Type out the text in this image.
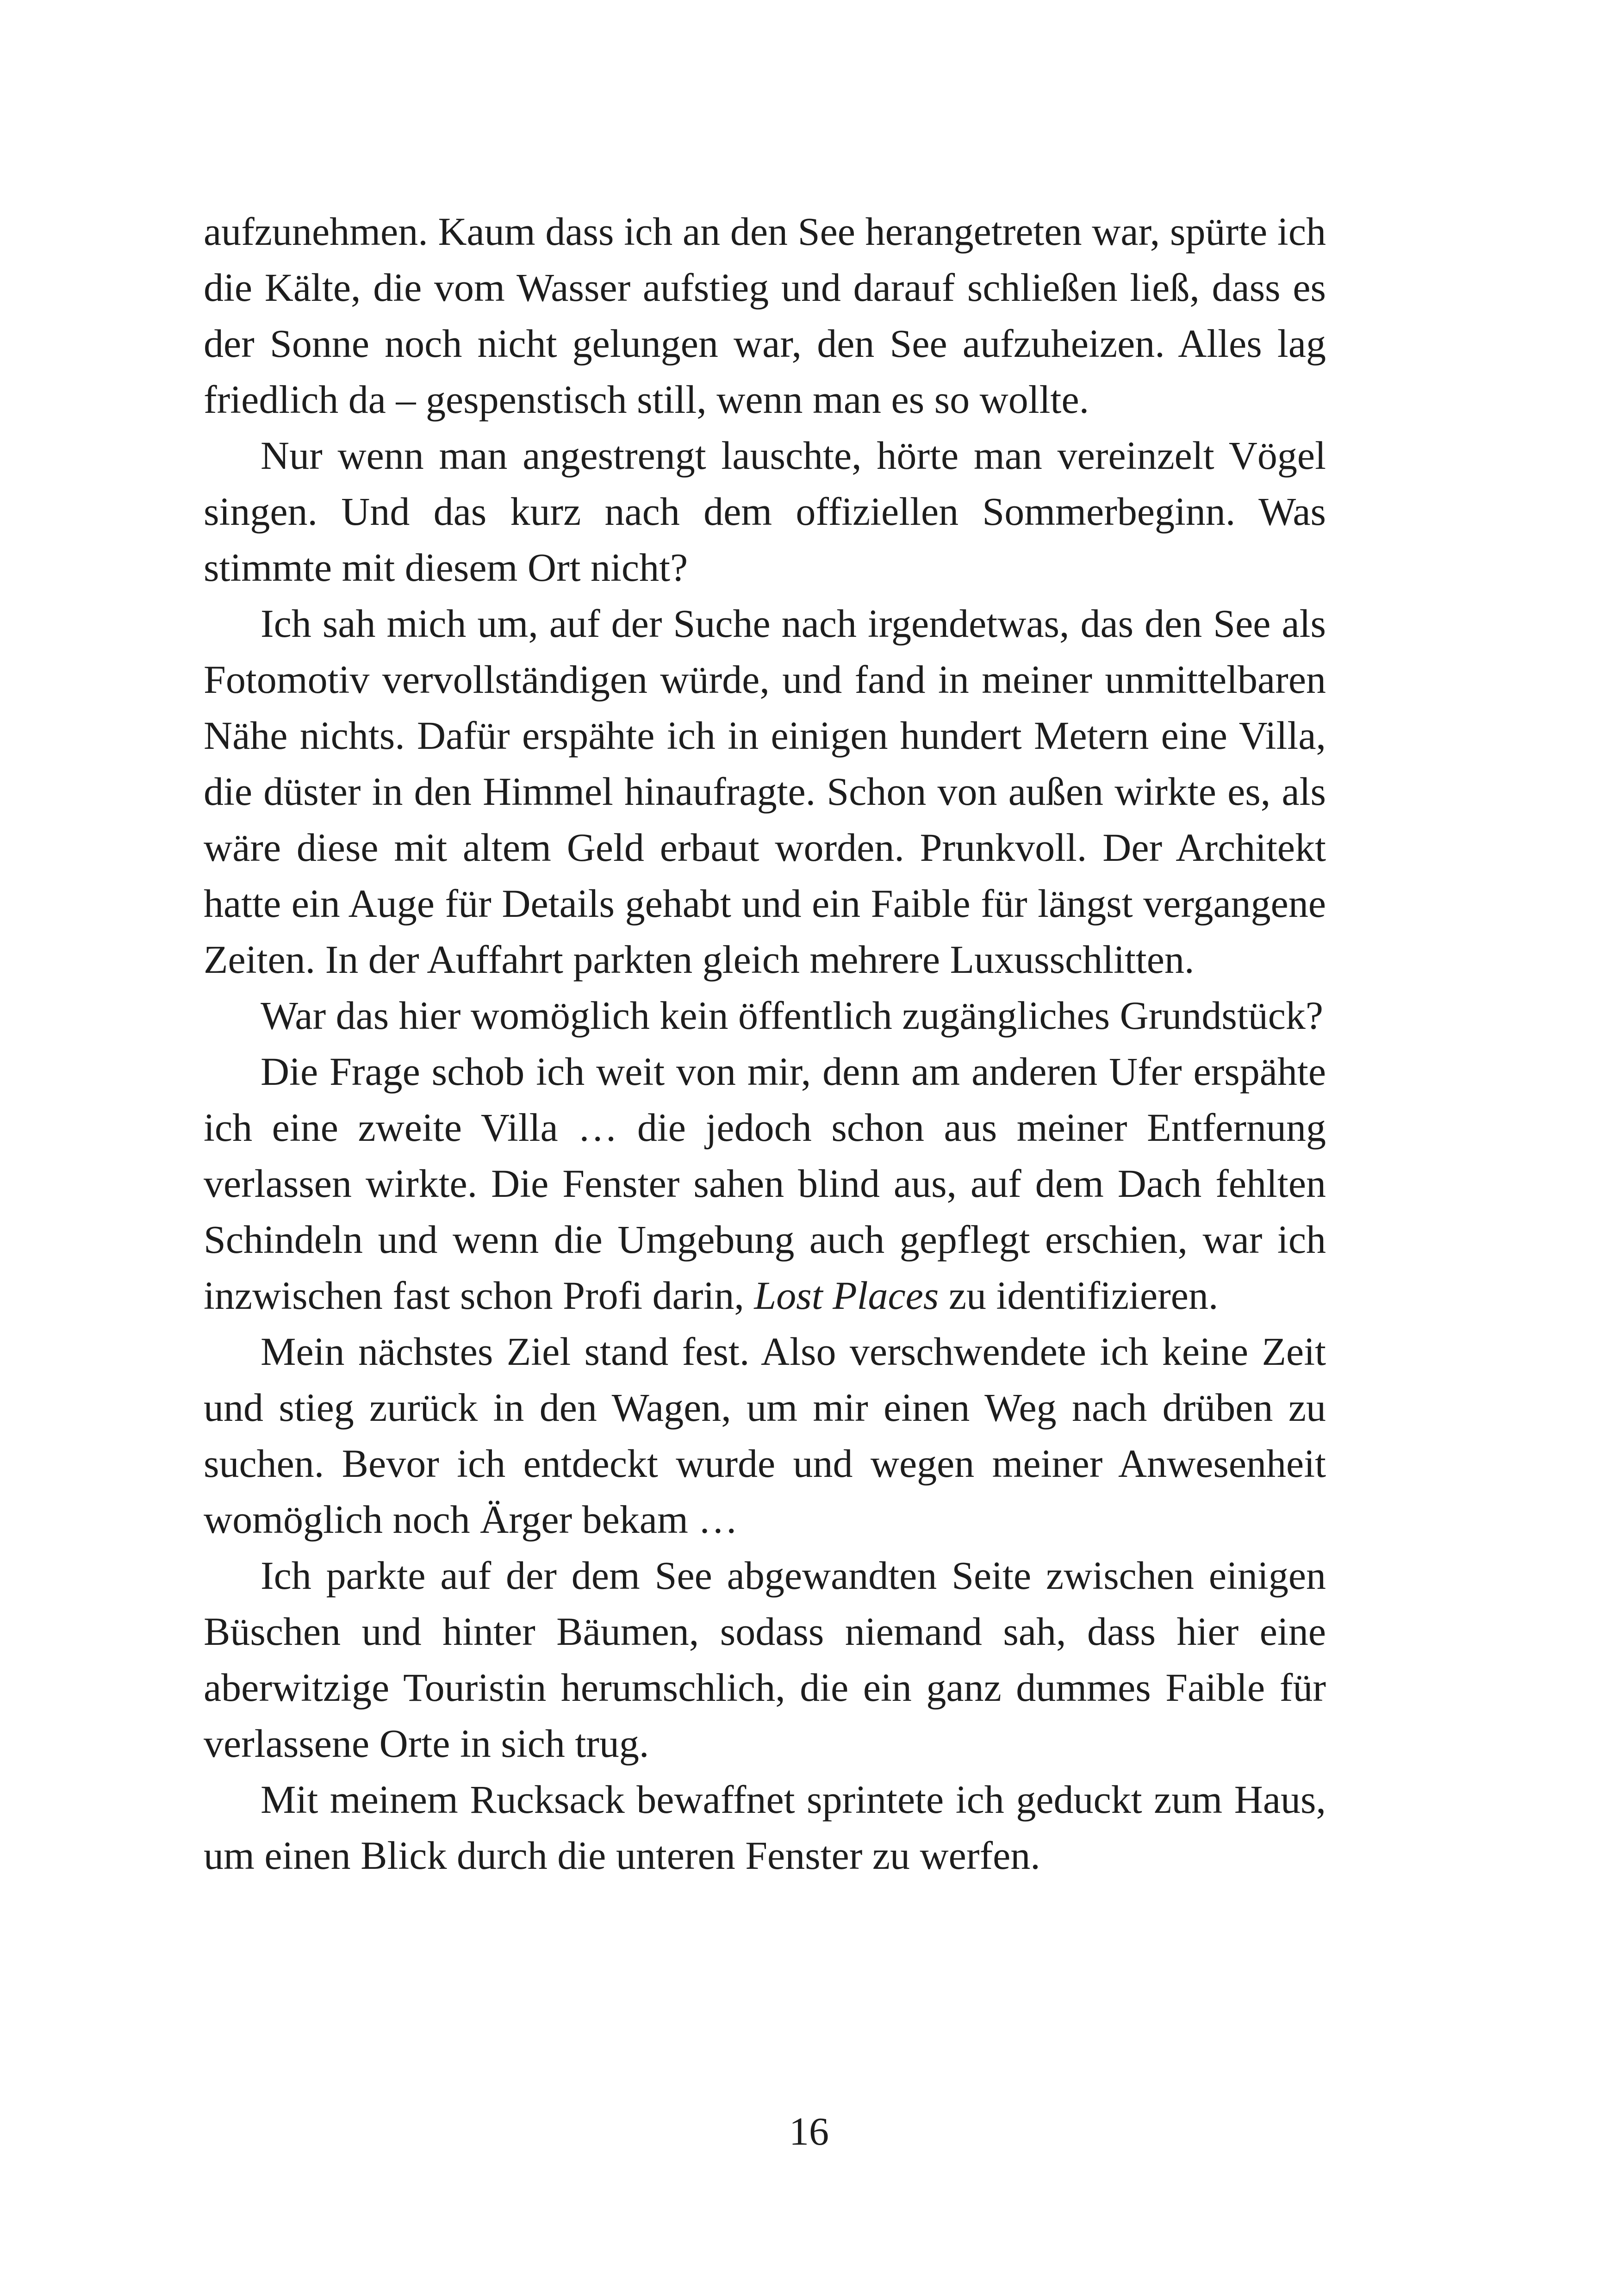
aufzunehmen. Kaum dass ich an den See herangetreten war, spürte ich die Kälte, die vom Wasser aufstieg und darauf schließen ließ, dass es der Sonne noch nicht gelungen war, den See aufzuheizen. Alles lag friedlich da – gespenstisch still, wenn man es so wollte.

Nur wenn man angestrengt lauschte, hörte man vereinzelt Vögel singen. Und das kurz nach dem offiziellen Sommerbeginn. Was stimmte mit diesem Ort nicht?

Ich sah mich um, auf der Suche nach irgendetwas, das den See als Fotomotiv vervollständigen würde, und fand in meiner unmittelbaren Nähe nichts. Dafür erspähte ich in einigen hundert Metern eine Villa, die düster in den Himmel hinaufragte. Schon von außen wirkte es, als wäre diese mit altem Geld erbaut worden. Prunkvoll. Der Architekt hatte ein Auge für Details gehabt und ein Faible für längst vergangene Zeiten. In der Auffahrt parkten gleich mehrere Luxusschlitten.

War das hier womöglich kein öffentlich zugängliches Grundstück?

Die Frage schob ich weit von mir, denn am anderen Ufer erspähte ich eine zweite Villa … die jedoch schon aus meiner Entfernung verlassen wirkte. Die Fenster sahen blind aus, auf dem Dach fehlten Schindeln und wenn die Umgebung auch gepflegt erschien, war ich inzwischen fast schon Profi darin, Lost Places zu identifizieren.

Mein nächstes Ziel stand fest. Also verschwendete ich keine Zeit und stieg zurück in den Wagen, um mir einen Weg nach drüben zu suchen. Bevor ich entdeckt wurde und wegen meiner Anwesenheit womöglich noch Ärger bekam …

Ich parkte auf der dem See abgewandten Seite zwischen einigen Büschen und hinter Bäumen, sodass niemand sah, dass hier eine aberwitzige Touristin herumschlich, die ein ganz dummes Faible für verlassene Orte in sich trug.

Mit meinem Rucksack bewaffnet sprintete ich geduckt zum Haus, um einen Blick durch die unteren Fenster zu werfen.

16
